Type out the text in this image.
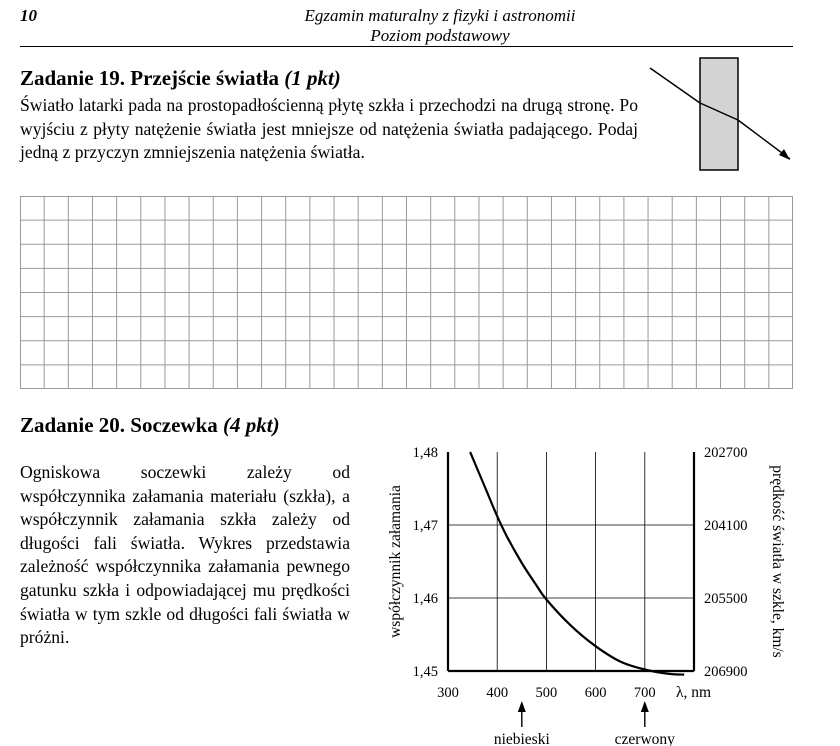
10	Egzamin maturalny z fizyki i astronomii
Poziom podstawowy
Zadanie 19. Przejście światła (1 pkt)
Światło latarki pada na prostopadłościenną płytę szkła i przechodzi na drugą stronę. Po wyjściu z płyty natężenie światła jest mniejsze od natężenia światła padającego. Podaj jedną z przyczyn zmniejszenia natężenia światła.
Zadanie 20. Soczewka (4 pkt)
Ogniskowa soczewki zależy od współczynnika załamania materiału (szkła), a współczynnik załamania szkła zależy od długości fali światła. Wykres przedstawia zależność współczynnika załamania pewnego gatunku szkła i odpowiadającej mu prędkości światła w tym szkle od długości fali światła w próżni.
1,45
1,46
1,47
1,48
206900
205500
204100
202700
300 400 500 600 700 λ, nm
współczynnik załamania	prędkość światła w szkle, km/s
niebieski	czerwony
